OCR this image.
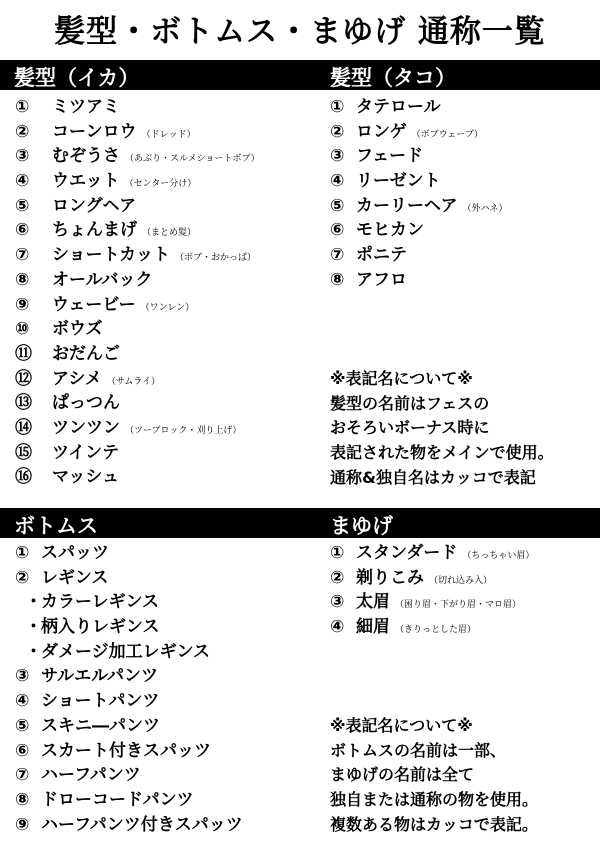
髪型・ボトムス・まゆげ 通称一覧
髪型（イカ）	髪型（タコ）
① ミツアミ
② コーンロウ （ドレッド）
③ むぞうさ （あぶり・スルメショートボブ）
④ ウエット （センター分け）
⑤ ロングヘア
⑥ ちょんまげ （まとめ髪）
⑦ ショートカット （ボブ・おかっぱ）
⑧ オールバック
⑨ ウェービー （ワンレン）
⑩ ボウズ
⑪ おだんご
⑫ アシメ （サムライ）
⑬ ぱっつん
⑭ ツンツン （ツーブロック・刈り上げ）
⑮ ツインテ
⑯ マッシュ
① タテロール
② ロンゲ （ボブウェーブ）
③ フェード
④ リーゼント
⑤ カーリーヘア （外ハネ）
⑥ モヒカン
⑦ ポニテ
⑧ アフロ
※表記名について※
髪型の名前はフェスの
おそろいボーナス時に
表記された物をメインで使用。
通称&独自名はカッコで表記
ボトムス	まゆげ
① スパッツ
② レギンス
・カラーレギンス
・柄入りレギンス
・ダメージ加工レギンス
③ サルエルパンツ
④ ショートパンツ
⑤ スキニ―パンツ
⑥ スカート付きスパッツ
⑦ ハーフパンツ
⑧ ドローコードパンツ
⑨ ハーフパンツ付きスパッツ
① スタンダード （ちっちゃい眉）
② 剃りこみ （切れ込み入）
③ 太眉 （困り眉・下がり眉・マロ眉）
④ 細眉 （きりっとした眉）
※表記名について※
ボトムスの名前は一部、
まゆげの名前は全て
独自または通称の物を使用。
複数ある物はカッコで表記。
